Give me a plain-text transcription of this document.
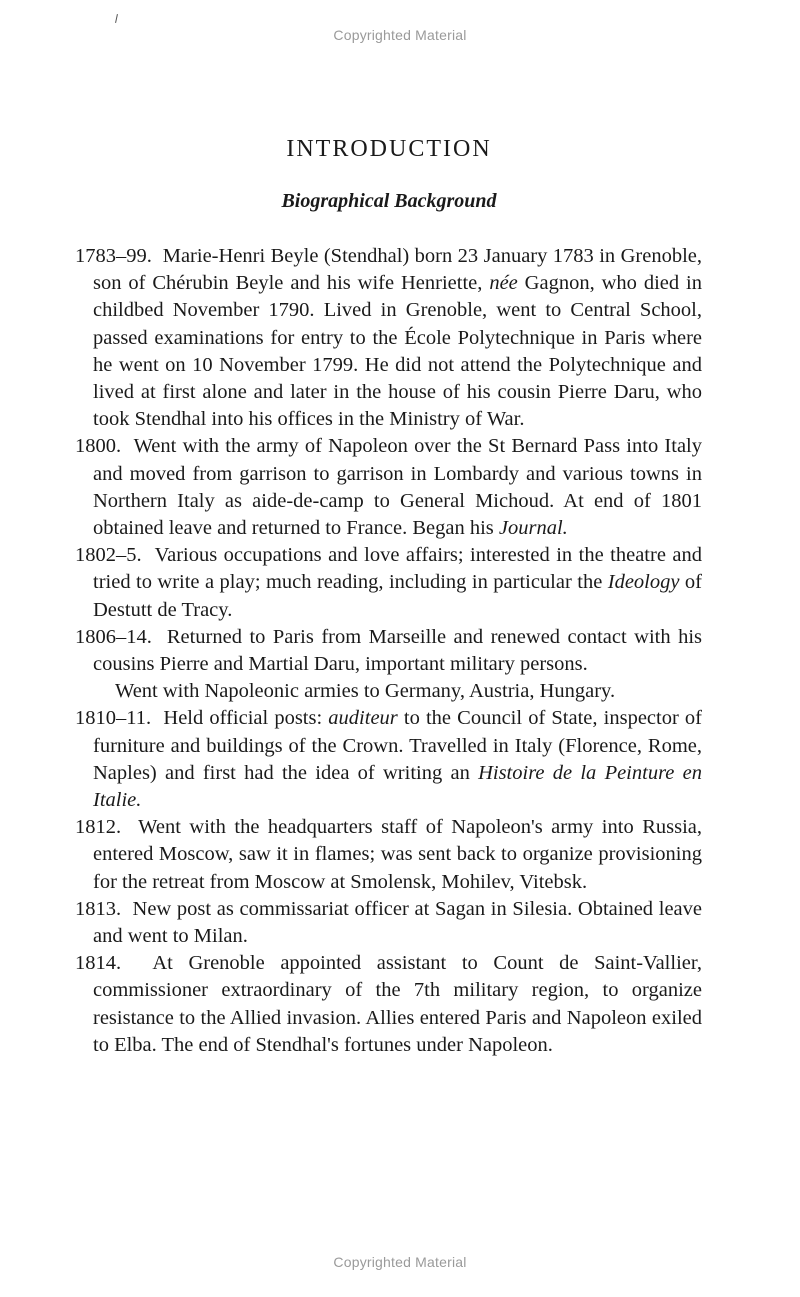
Copyrighted Material
INTRODUCTION
Biographical Background

1783–99. Marie-Henri Beyle (Stendhal) born 23 January 1783 in Grenoble, son of Chérubin Beyle and his wife Henriette, née Gagnon, who died in childbed November 1790. Lived in Grenoble, went to Central School, passed examinations for entry to the École Polytechnique in Paris where he went on 10 November 1799. He did not attend the Polytechnique and lived at first alone and later in the house of his cousin Pierre Daru, who took Stendhal into his offices in the Ministry of War.

1800. Went with the army of Napoleon over the St Bernard Pass into Italy and moved from garrison to garrison in Lombardy and various towns in Northern Italy as aide-de-camp to General Michoud. At end of 1801 obtained leave and returned to France. Began his Journal.

1802–5. Various occupations and love affairs; interested in the theatre and tried to write a play; much reading, including in particular the Ideology of Destutt de Tracy.

1806–14. Returned to Paris from Marseille and renewed contact with his cousins Pierre and Martial Daru, important military persons.

Went with Napoleonic armies to Germany, Austria, Hungary.

1810–11. Held official posts: auditeur to the Council of State, inspector of furniture and buildings of the Crown. Travelled in Italy (Florence, Rome, Naples) and first had the idea of writing an Histoire de la Peinture en Italie.

1812. Went with the headquarters staff of Napoleon's army into Russia, entered Moscow, saw it in flames; was sent back to organize provisioning for the retreat from Moscow at Smolensk, Mohilev, Vitebsk.

1813. New post as commissariat officer at Sagan in Silesia. Obtained leave and went to Milan.

1814. At Grenoble appointed assistant to Count de Saint-Vallier, commissioner extraordinary of the 7th military region, to organize resistance to the Allied invasion. Allies entered Paris and Napoleon exiled to Elba. The end of Stendhal's fortunes under Napoleon.

Copyrighted Material
